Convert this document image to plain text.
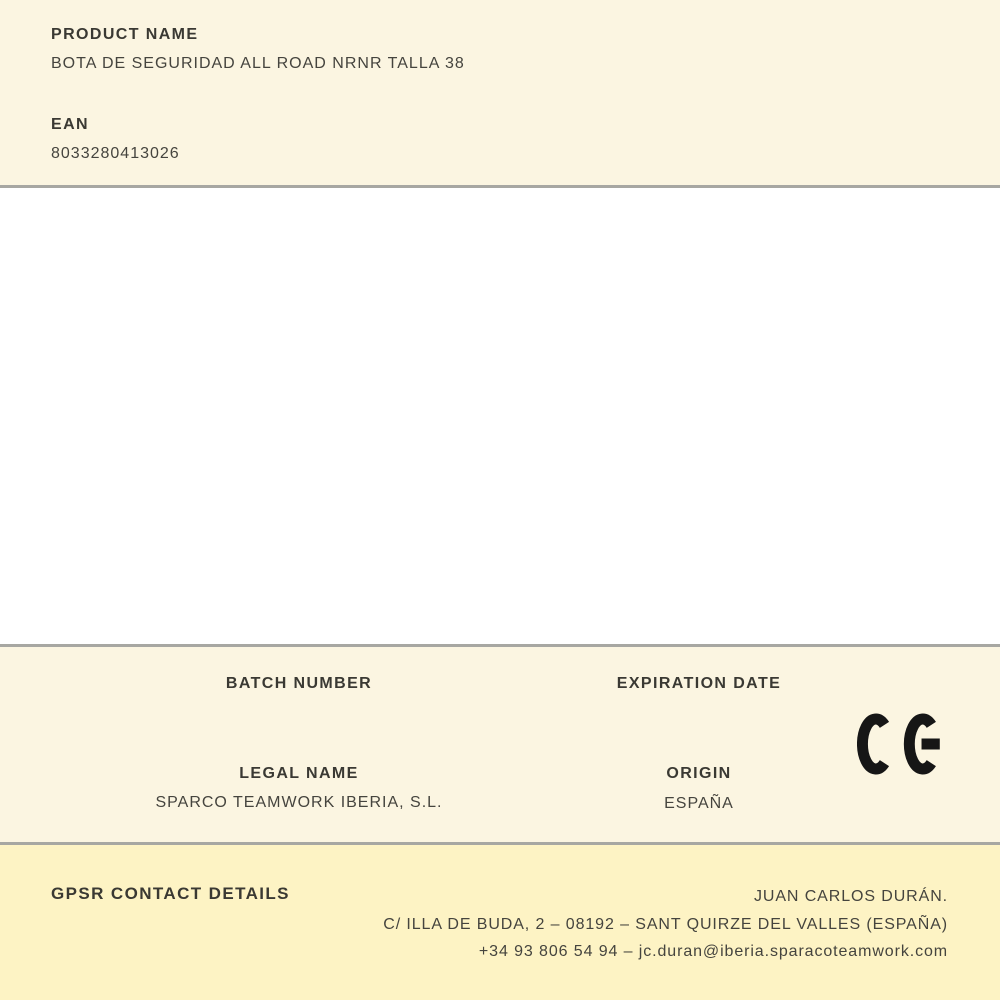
PRODUCT NAME
BOTA DE SEGURIDAD ALL ROAD NRNR TALLA 38
EAN
8033280413026
BATCH NUMBER	EXPIRATION DATE
LEGAL NAME
SPARCO TEAMWORK IBERIA, S.L.
ORIGIN
ESPAÑA
GPSR CONTACT DETAILS	JUAN CARLOS DURÁN.
C/ ILLA DE BUDA, 2 – 08192 – SANT QUIRZE DEL VALLES (ESPAÑA)
+34 93 806 54 94 – jc.duran@iberia.sparacoteamwork.com
